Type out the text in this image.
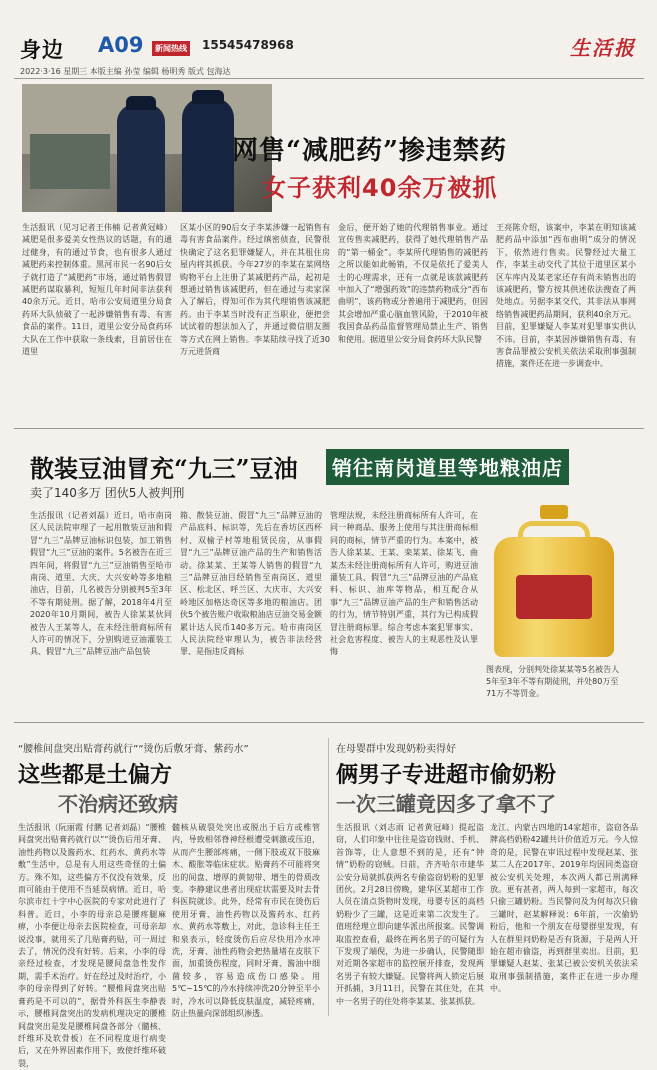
身边 A09	新闻热线 15545478968	生活报
2022·3·16 星期三 本版主编 孙莹 编辑 杨明秀 版式 包海达
网售“减肥药”掺违禁药
女子获利40余万被抓
生活报讯（见习记者王伟楠 记者黄冠峰）减肥是很多爱美女性热议的话题，有的通过健身，有的通过节食，也有很多人通过减肥药来控制体重。黑河市民一名90后女子就打造了“减肥药”市场，通过销售假冒减肥药谋取暴利，短短几年时间非法获利40余万元。近日，哈市公安局道里分局食药环大队侦破了一起涉嫌销售有毒、有害食品的案件。11日，道里公安分局食药环大队在工作中获取一条线索，目前居住在道里
区某小区的90后女子李某涉嫌一起销售有毒有害食品案件。经过缜密侦查，民警很快确定了这名犯罪嫌疑人，并在其租住房屋内将其抓获。今年27岁的李某在某网络购物平台上注册了某减肥药产品，起初是想通过销售该减肥药，但在通过与卖家深入了解后，得知可作为其代理销售该减肥药。由于李某当时没有正当职业，便把尝试试着的想法加入了，并通过微信朋友圈等方式在网上销售。李某陆续寻找了近30万元进货商
金后，便开始了她的代理销售事业。通过宣传售卖减肥药，获得了她代理销售产品的“第一桶金”。李某所代理销售的减肥药之所以能如此畅销，不仅是依托了爱美人士的心理需求，还有一点就是该款减肥药中加入了“增强药效”的违禁药物成分“西布曲明”，该药物或分普遍用于减肥药，但因其会增加严重心脑血管风险，于2010年被我国食品药品监督管理局禁止生产、销售和使用。据道里公安分局食药环大队民警
王亮陈介绍，该案中，李某在明知该减肥药品中添加“西布曲明”成分的情况下，依然进行售卖。民警经过大量工作，李某主动交代了其位于道里区某小区车库内及某老家还存有尚未销售出的该减肥药，警方按其供述依法搜查了两处地点。另据李某交代，其非法从事网络销售减肥药品期间，获利40余万元。目前，犯罪嫌疑人李某对犯罪事实供认不讳。目前，李某因涉嫌销售有毒、有害食品罪被公安机关依法采取刑事强制措施，案件还在进一步调查中。
散装豆油冒充“九三”豆油	销往南岗道里等地粮油店
卖了140多万 团伙5人被判刑
生活报讯（记者刘磊）近日，哈市南岗区人民法院审理了一起用散装豆油和假冒“九三”品牌豆油标识包装，加工销售假冒“九三”豆油的案件。5名被告在近三四年间，将假冒“九三”豆油销售至哈市南岗、道里、大庆、大兴安岭等多地粮油店，目前，几名被告分别被判5至3年不等有期徒刑。据了解，2018年4月至2020年10月期间，被告人徐某某伙同被告人王某等人，在未经注册商标所有人许可的情况下，分别购进豆油灌装工具、假冒“九三”品牌豆油产品包装
箱、散装豆油、假冒“九三”品牌豆油的产品底料、标识等，先后在香坊区西杯村、双榆子村等地租赁民房，从事假冒“九三”品牌豆油产品的生产和销售活动。徐某某、王某等人销售的假冒“九三”品牌豆油目经销售至南岗区、道里区、松北区、呼兰区、大庆市、大兴安岭地区加格达奇区等多地的粮油店。团伙5个被告账户收取粮油店豆油交易金额累计达人民币140多万元。哈市南岗区人民法院经审理认为，被告非法经营罪、是指违反商标
管理法规，未经注册商标所有人许可，在同一种商品、服务上使用与其注册商标相同的商标，情节严重的行为。本案中，被告人徐某某、王某、栾某某、徐某飞、曲某杰未经注册商标所有人许可，购进豆油灌装工具、假冒“九三”品牌豆油的产品底料、标识、油库等物品，相互配合从事“九三”品牌豆油产品的生产和销售活动的行为，情节特别严重，其行为已构成假冒注册商标罪。综合考虑本案犯罪事实、社会危害程度、被告人的主观恶性及认罪悔
图表现，分别判处徐某某等5名被告人5年至3年不等有期徒刑，并处80万至71万不等罚金。
“腰椎间盘突出贴膏药就行”“烫伤后敷牙膏、紫药水”
这些都是土偏方
不治病还致病
生活报讯（阮丽霞 付鹏 记者刘磊）“腰椎间盘突出贴膏药就行以”“烫伤后用牙膏、油性药物以及酱药水、红药水、黄药水等敷”生活中，总是有人用这些奇怪的土偏方。殊不知，这些偏方不仅没有效果，反而可能由于使用不当延误病情。近日，哈尔滨市红十字中心医院的专家对此进行了科普。近日，小李的母亲总是腰疼腿麻痹，小李便让母亲去医院检查，可母亲却说没事，就用买了几贴膏药贴，可一周过去了，情况仍没有好转。后来，小李的母亲经过检查，才发现是腰间盘急性发作期，需手术治疗。好在经过及时治疗，小李的母亲得到了好转。“腰椎间盘突出贴膏药是不可以的”，据骨外科医生李静表示，腰椎间盘突出的发病机理决定的腰椎间盘突出是发是腰椎间盘各部分（髓核、纤维环及软骨板）在不同程度退行病变后，又在外界因素作用下，致使纤维环破裂，
髓核从破裂处突出或脱出于后方或椎管内，导致相邻脊神经根遭受刺激或压迫，从而产生腰部疼痛，一侧下肢或双下肢麻木、酸胀等临床症状。贴膏药不可能将突出的间盘、增厚的黄韧带、增生的骨质改变。李静建议患者出现症状需要及时去骨科医院就诊。此外，经常有市民在烫伤后使用牙膏、油性药物以及酱药水、红药水、黄药水等敷上，对此，急诊科主任王和泉表示，轻度烫伤后应尽快用冷水冲洗，牙膏、油性药物会把热量堵在皮肤下面，加重烫伤程度，同时牙膏、酱油中细菌较多，容易造成伤口感染。用5℃~15℃的冷水持续冲洗20分钟至半小时，冷水可以降低皮肤温度，减轻疼痛，防止热量向深部组织渗透。
在母婴群中发现奶粉卖得好
俩男子专进超市偷奶粉
一次三罐竟因多了拿不了
生活报讯（刘志雨 记者黄冠峰）提起盗窃，人们印象中往往是盗窃钱财、手机、首饰等，让人意想不到的是，还有“钟情”奶粉的窃贼。日前，齐齐哈尔市建华公安分局就抓获两名专偷盗窃奶粉的犯罪团伙。2月28日傍晚，建华区某超市工作人员在清点货物时发现，母婴专区的高档奶粉少了三罐，这是近来第二次发生了。值班经理立即向建华派出所报案。民警调取监控查看，最终在两名男子的可疑行为下发现了端倪，为进一步确认，民警随即对近期各家超市的监控展开排查，发现两名男子有较大嫌疑。民警将两人锁定后展开抓捕，3月11日，民警在其住处，在其中一名男子的住处将李某某、张某抓获。
龙江、内蒙古四地的14家超市，盗窃各品牌高档奶粉42罐共计价值近万元。今人惊奇的是，民警在审讯过程中发现赵某、张某二人在2017年、2019年均因同类盗窃被公安机关处理，本次两人都已刑满释放。更有甚者，两人每到一家超市，每次只偷三罐奶粉。当民警问及为何每次只偷三罐时，赵某解释说：6年前，一次偷奶粉后，他和一个朋友在母婴群里发现，有人在群里问奶粉是否有货源，于是两人开始在超市偷盗，再到群里卖出。目前，犯罪嫌疑人赵某、张某已被公安机关依法采取刑事强制措施，案件正在进一步办理中。
